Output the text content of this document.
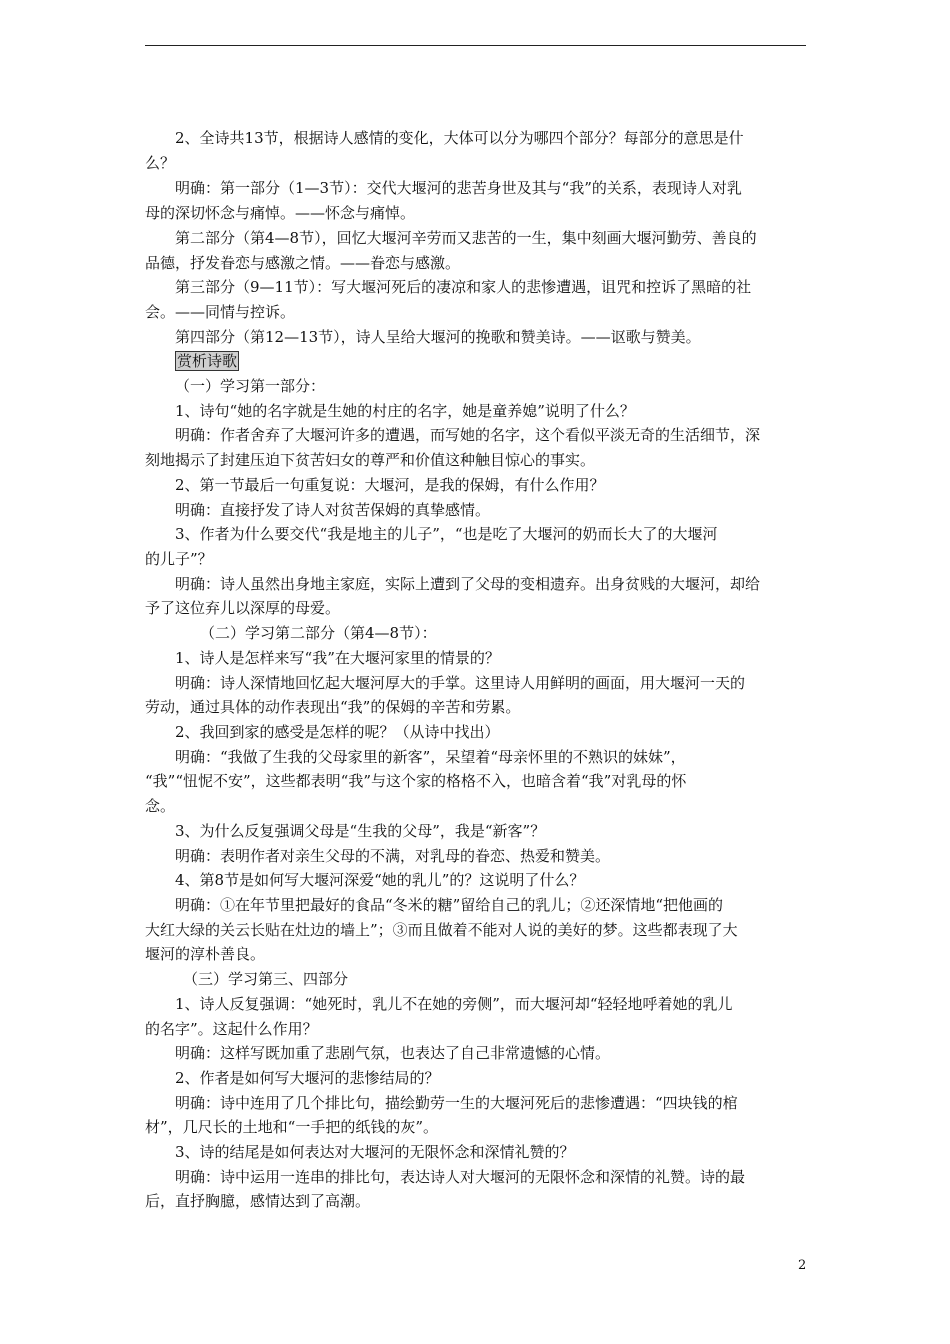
2、全诗共13节，根据诗人感情的变化，大体可以分为哪四个部分？每部分的意思是什
么？
明确：第一部分（1—3节）：交代大堰河的悲苦身世及其与“我”的关系，表现诗人对乳
母的深切怀念与痛悼。——怀念与痛悼。
第二部分（第4—8节），回忆大堰河辛劳而又悲苦的一生，集中刻画大堰河勤劳、善良的
品德，抒发眷恋与感激之情。——眷恋与感激。
第三部分（9—11节）：写大堰河死后的凄凉和家人的悲惨遭遇，诅咒和控诉了黑暗的社
会。——同情与控诉。
第四部分（第12—13节），诗人呈给大堰河的挽歌和赞美诗。——讴歌与赞美。
赏析诗歌
（一）学习第一部分：
1、诗句“她的名字就是生她的村庄的名字，她是童养媳”说明了什么？
明确：作者舍弃了大堰河许多的遭遇，而写她的名字，这个看似平淡无奇的生活细节，深
刻地揭示了封建压迫下贫苦妇女的尊严和价值这种触目惊心的事实。
2、第一节最后一句重复说：大堰河，是我的保姆，有什么作用？
明确：直接抒发了诗人对贫苦保姆的真挚感情。
3、作者为什么要交代“我是地主的儿子”，“也是吃了大堰河的奶而长大了的大堰河
的儿子”？
明确：诗人虽然出身地主家庭，实际上遭到了父母的变相遗弃。出身贫贱的大堰河，却给
予了这位弃儿以深厚的母爱。
（二）学习第二部分（第4—8节）：
1、诗人是怎样来写“我”在大堰河家里的情景的？
明确：诗人深情地回忆起大堰河厚大的手掌。这里诗人用鲜明的画面，用大堰河一天的
劳动，通过具体的动作表现出“我”的保姆的辛苦和劳累。
2、我回到家的感受是怎样的呢？（从诗中找出）
明确：“我做了生我的父母家里的新客”，呆望着“母亲怀里的不熟识的妹妹”，
“我”“忸怩不安”，这些都表明“我”与这个家的格格不入，也暗含着“我”对乳母的怀
念。
3、为什么反复强调父母是“生我的父母”，我是“新客”？
明确：表明作者对亲生父母的不满，对乳母的眷恋、热爱和赞美。
4、第8节是如何写大堰河深爱“她的乳儿”的？这说明了什么？
明确：①在年节里把最好的食品“冬米的糖”留给自己的乳儿；②还深情地“把他画的
大红大绿的关云长贴在灶边的墙上”；③而且做着不能对人说的美好的梦。这些都表现了大
堰河的淳朴善良。
（三）学习第三、四部分
1、诗人反复强调：“她死时，乳儿不在她的旁侧”，而大堰河却“轻轻地呼着她的乳儿
的名字”。这起什么作用？
明确：这样写既加重了悲剧气氛，也表达了自己非常遗憾的心情。
2、作者是如何写大堰河的悲惨结局的？
明确：诗中连用了几个排比句，描绘勤劳一生的大堰河死后的悲惨遭遇：“四块钱的棺
材”，几尺长的土地和“一手把的纸钱的灰”。
3、诗的结尾是如何表达对大堰河的无限怀念和深情礼赞的？
明确：诗中运用一连串的排比句，表达诗人对大堰河的无限怀念和深情的礼赞。诗的最
后，直抒胸臆，感情达到了高潮。
2
